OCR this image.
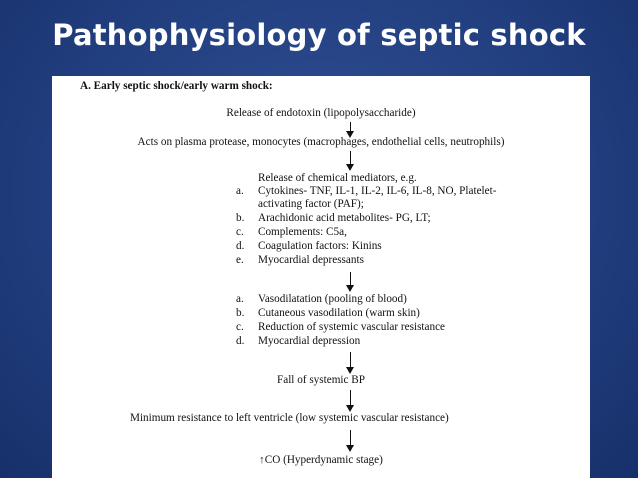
Pathophysiology of septic shock
A. Early septic shock/early warm shock:
Release of endotoxin (lipopolysaccharide)
Acts on plasma protease, monocytes (macrophages, endothelial cells, neutrophils)
Release of chemical mediators, e.g.
a. Cytokines- TNF, IL-1, IL-2, IL-6, IL-8, NO, Platelet-
activating factor (PAF);
b. Arachidonic acid metabolites- PG, LT;
c. Complements: C5a,
d. Coagulation factors: Kinins
e. Myocardial depressants
a. Vasodilatation (pooling of blood)
b. Cutaneous vasodilation (warm skin)
c. Reduction of systemic vascular resistance
d. Myocardial depression
Fall of systemic BP
Minimum resistance to left ventricle (low systemic vascular resistance)
↑CO (Hyperdynamic stage)
